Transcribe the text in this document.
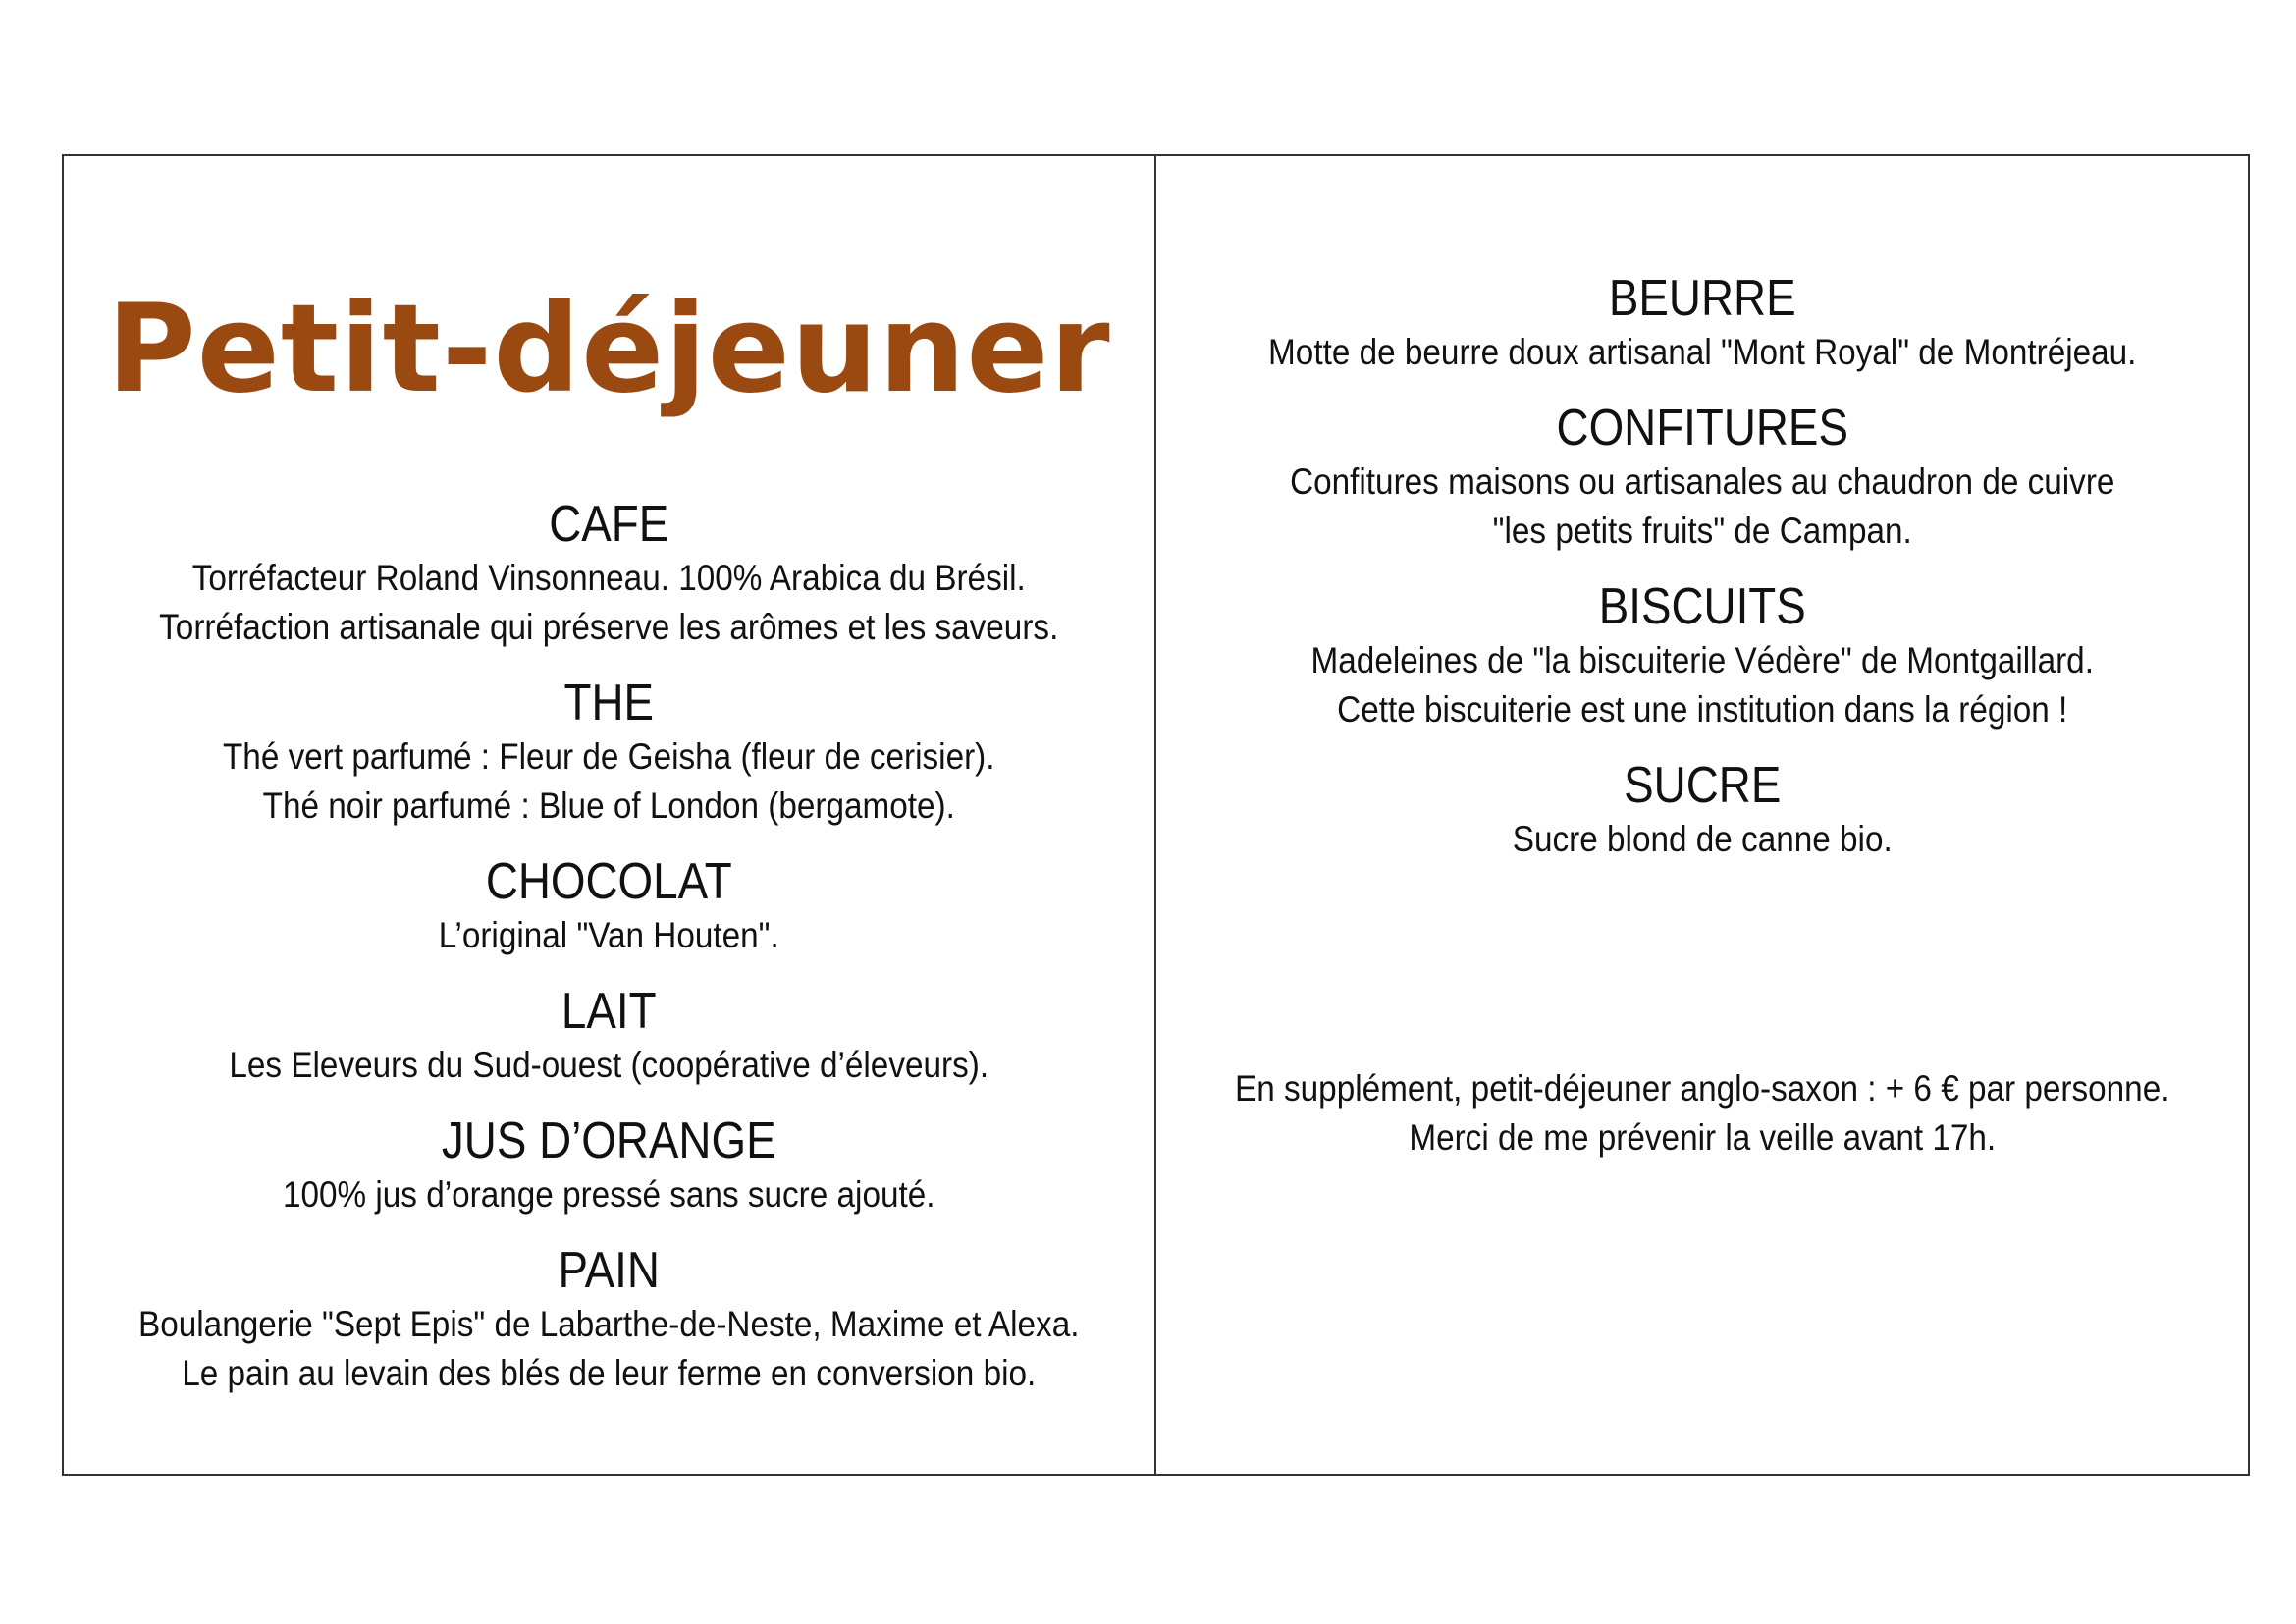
Petit-déjeuner
CAFE
Torréfacteur Roland Vinsonneau. 100% Arabica du Brésil.
Torréfaction artisanale qui préserve les arômes et les saveurs.
THE
Thé vert parfumé : Fleur de Geisha (fleur de cerisier).
Thé noir parfumé : Blue of London (bergamote).
CHOCOLAT
L’original "Van Houten".
LAIT
Les Eleveurs du Sud-ouest (coopérative d’éleveurs).
JUS D’ORANGE
100% jus d’orange pressé sans sucre ajouté.
PAIN
Boulangerie "Sept Epis" de Labarthe-de-Neste, Maxime et Alexa.
Le pain au levain des blés de leur ferme en conversion bio.
BEURRE
Motte de beurre doux artisanal "Mont Royal" de Montréjeau.
CONFITURES
Confitures maisons ou artisanales au chaudron de cuivre
"les petits fruits" de Campan.
BISCUITS
Madeleines de "la biscuiterie Védère" de Montgaillard.
Cette biscuiterie est une institution dans la région !
SUCRE
Sucre blond de canne bio.
En supplément, petit-déjeuner anglo-saxon : + 6 € par personne.
Merci de me prévenir la veille avant 17h.
